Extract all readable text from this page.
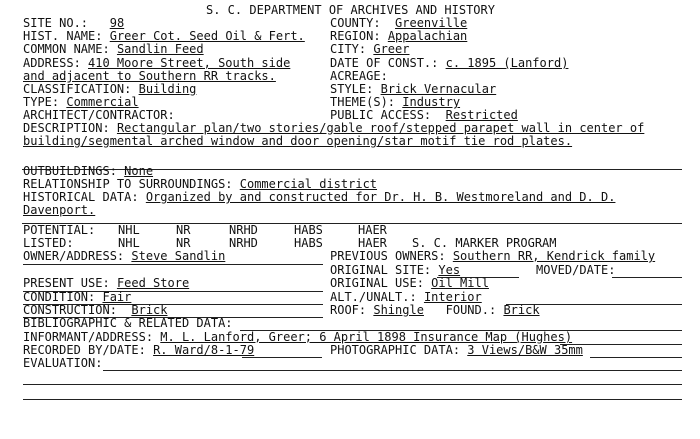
S. C. DEPARTMENT OF ARCHIVES AND HISTORY
SITE NO.: 98	COUNTY: Greenville
HIST. NAME: Greer Cot. Seed Oil & Fert. REGION: Appalachian
COMMON NAME: Sandlin Feed	CITY: Greer
ADDRESS: 410 Moore Street, South side	DATE OF CONST.: c. 1895 (Lanford)
and adjacent to Southern RR tracks.	ACREAGE:
CLASSIFICATION: Building	STYLE: Brick Vernacular
TYPE: Commercial	THEME(S): Industry
ARCHITECT/CONTRACTOR:	PUBLIC ACCESS: Restricted
DESCRIPTION: Rectangular plan/two stories/gable roof/stepped parapet wall in center of
building/segmental arched window and door opening/star motif tie rod plates.
OUTBUILDINGS: None
RELATIONSHIP TO SURROUNDINGS: Commercial district
HISTORICAL DATA: Organized by and constructed for Dr. H. B. Westmoreland and D. D.
Davenport.
POTENTIAL: NHL	NR	NRHD	HABS	HAER
LISTED:	NHL	NR	NRHD	HABS	HAER S. C. MARKER PROGRAM
OWNER/ADDRESS: Steve Sandlin	PREVIOUS OWNERS: Southern RR, Kendrick family
ORIGINAL SITE: Yes	MOVED/DATE:
PRESENT USE: Feed Store	ORIGINAL USE: Oil Mill
CONDITION: Fair	ALT./UNALT.: Interior
CONSTRUCTION: Brick	ROOF: Shingle FOUND.: Brick
BIBLIOGRAPHIC & RELATED DATA:
INFORMANT/ADDRESS: M. L. Lanford, Greer; 6 April 1898 Insurance Map (Hughes)
RECORDED BY/DATE: R. Ward/8-1-79	PHOTOGRAPHIC DATA: 3 Views/B&W 35mm
EVALUATION:
